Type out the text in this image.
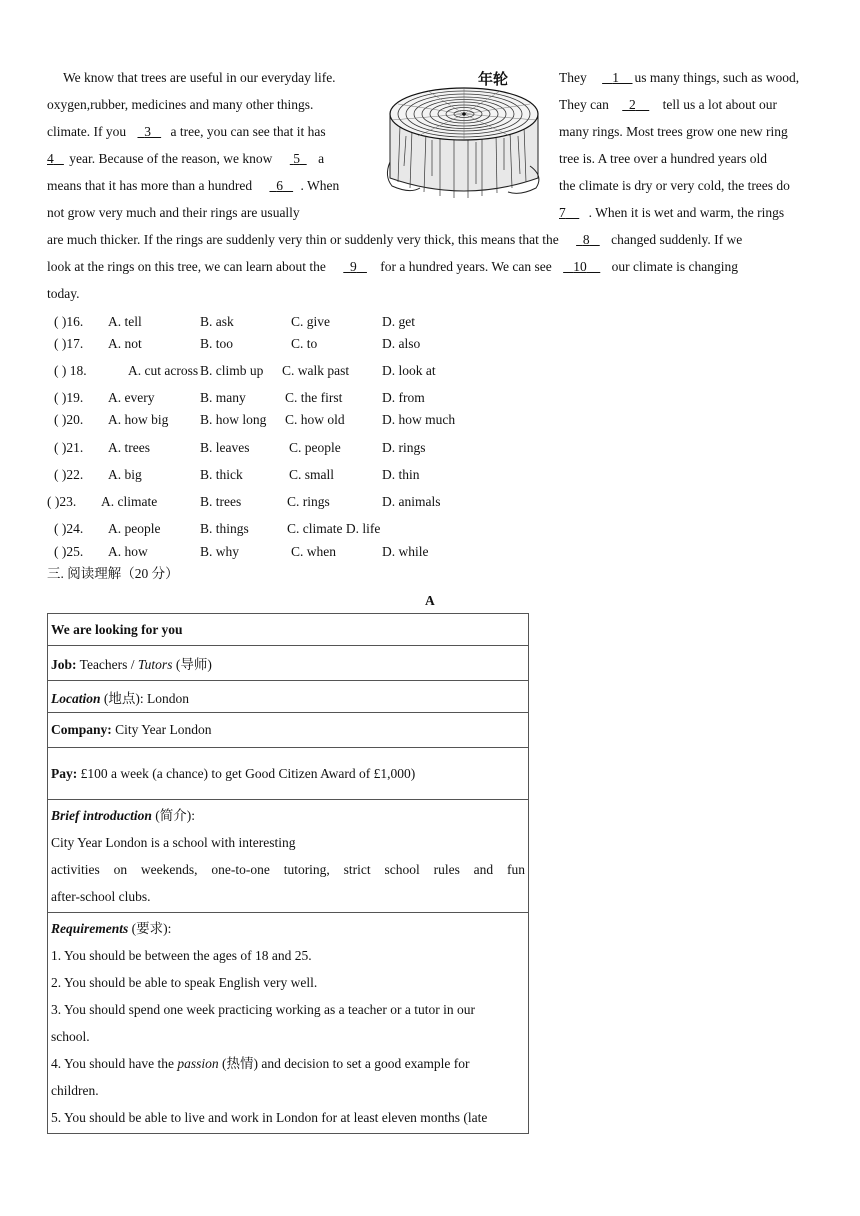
We know that trees are useful in our everyday life.
oxygen,rubber, medicines and many other things.
climate. If you 3 a tree, you can see that it has
4 year. Because of the reason, we know 5 a
means that it has more than a hundred 6 . When
not grow very much and their rings are usually
年轮	They 1 us many things, such as wood,
They can 2 tell us a lot about our
many rings. Most trees grow one new ring
tree is. A tree over a hundred years old
the climate is dry or very cold, the trees do
7 . When it is wet and warm, the rings
are much thicker. If the rings are suddenly very thin or suddenly very thick, this means that the 8 changed suddenly. If we
look at the rings on this tree, we can learn about the 9 for a hundred years. We can see 10 our climate is changing
today.
( )16. A. tell	B. ask	C. give	D. get
( )17. A. not	B. too	C. to	D. also
( ) 18.	A. cut across B. climb up C. walk past D. look at
( )19. A. every	B. many	C. the first	D. from
( )20. A. how big B. how long C. how old	D. how much
( )21. A. trees	B. leaves	C. people	D. rings
( )22. A. big	B. thick	C. small	D. thin
( )23. A. climate	B. trees	C. rings	D. animals
( )24. A. people	B. things	C. climate D. life
( )25. A. how	B. why	C. when	D. while
三. 阅读理解（20 分）
A
We are looking for you
Job: Teachers / Tutors (导师)
Location (地点): London
Company: City Year London
Pay: £100 a week (a chance) to get Good Citizen Award of £1,000)

Brief introduction (简介):
City Year London is a school with interesting
activities on weekends, one-to-one tutoring, strict school rules and fun
after-school clubs.

Requirements (要求):
1. You should be between the ages of 18 and 25.
2. You should be able to speak English very well.
3. You should spend one week practicing working as a teacher or a tutor in our
school.
4. You should have the passion (热情) and decision to set a good example for
children.
5. You should be able to live and work in London for at least eleven months (late
